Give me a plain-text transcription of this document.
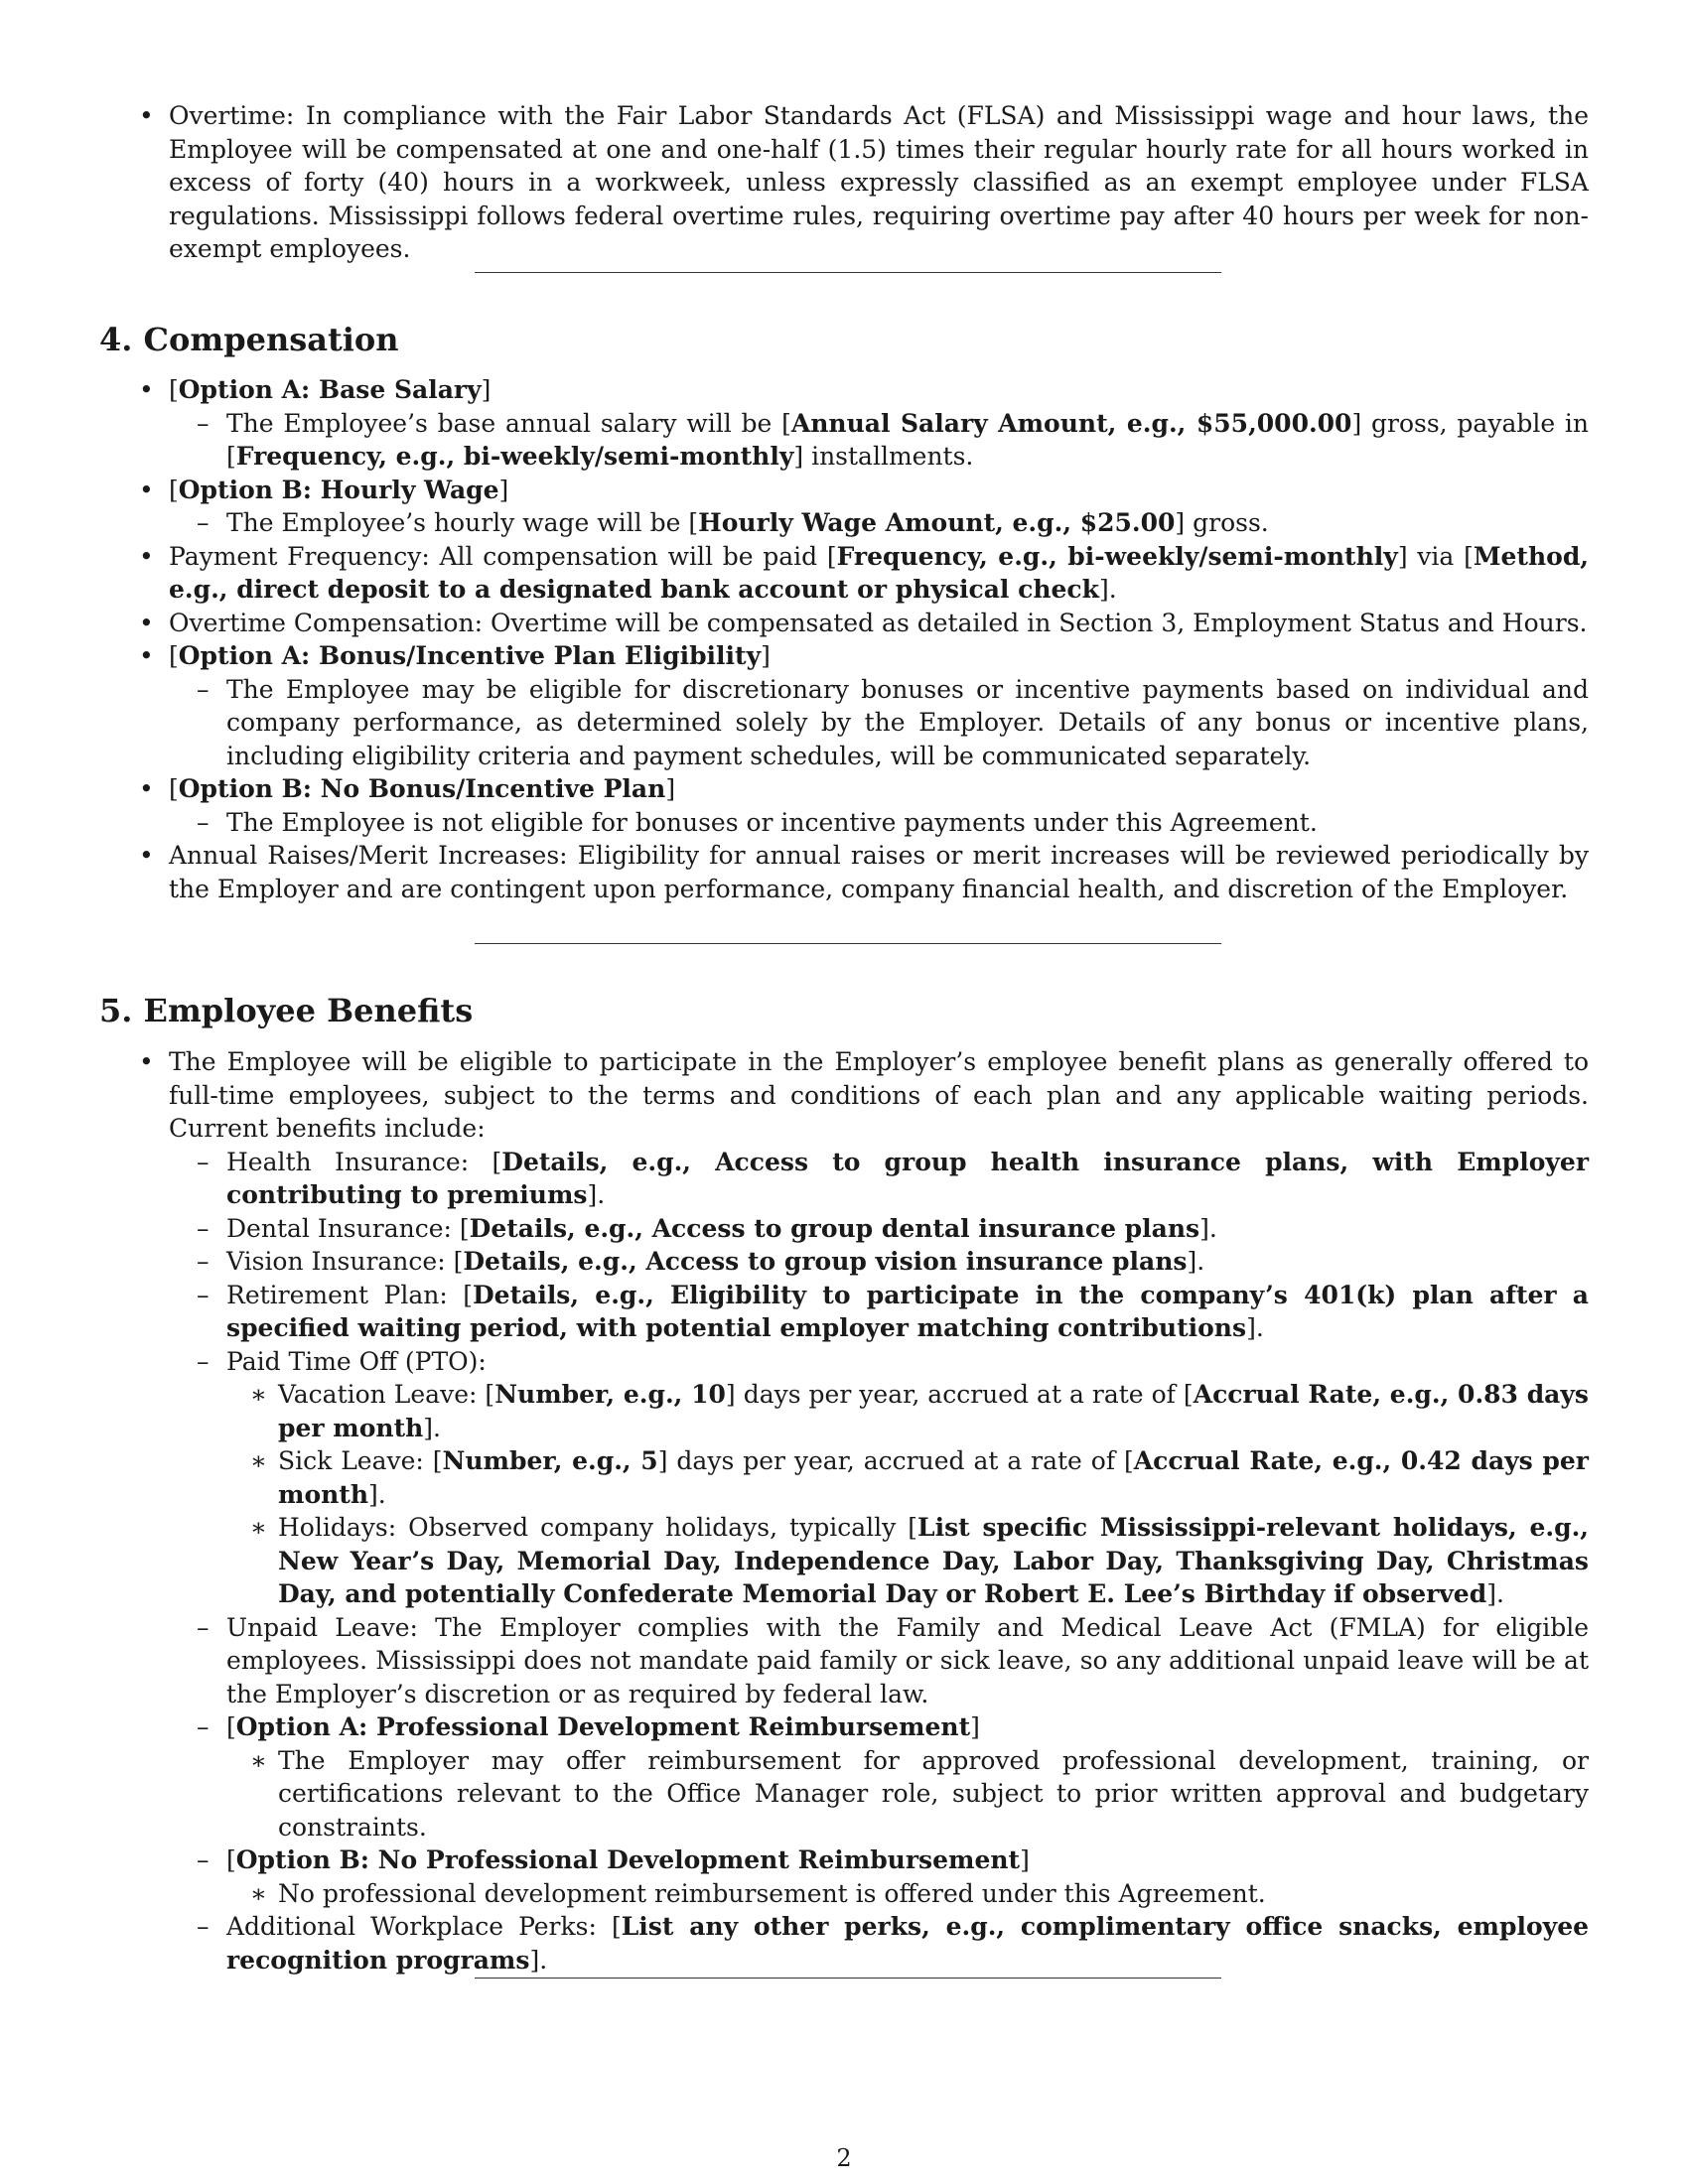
• Overtime: In compliance with the Fair Labor Standards Act (FLSA) and Mississippi wage and hour laws, the Employee will be compensated at one and one-half (1.5) times their regular hourly rate for all hours worked in excess of forty (40) hours in a workweek, unless expressly classified as an exempt employee under FLSA regulations. Mississippi follows federal overtime rules, requiring overtime pay after 40 hours per week for non-exempt employees.

4. Compensation

• [Option A: Base Salary]

– The Employee’s base annual salary will be [Annual Salary Amount, e.g., $55,000.00] gross, payable in [Frequency, e.g., bi-weekly/semi-monthly] installments.

• [Option B: Hourly Wage]

– The Employee’s hourly wage will be [Hourly Wage Amount, e.g., $25.00] gross.

• Payment Frequency: All compensation will be paid [Frequency, e.g., bi-weekly/semi-monthly] via [Method, e.g., direct deposit to a designated bank account or physical check].

• Overtime Compensation: Overtime will be compensated as detailed in Section 3, Employment Status and Hours.

• [Option A: Bonus/Incentive Plan Eligibility]

– The Employee may be eligible for discretionary bonuses or incentive payments based on individual and company performance, as determined solely by the Employer. Details of any bonus or incentive plans, including eligibility criteria and payment schedules, will be communicated separately.

• [Option B: No Bonus/Incentive Plan]

– The Employee is not eligible for bonuses or incentive payments under this Agreement.

• Annual Raises/Merit Increases: Eligibility for annual raises or merit increases will be reviewed periodically by the Employer and are contingent upon performance, company financial health, and discretion of the Employer.

5. Employee Benefits

• The Employee will be eligible to participate in the Employer’s employee benefit plans as generally offered to full-time employees, subject to the terms and conditions of each plan and any applicable waiting periods. Current benefits include:

– Health Insurance: [Details, e.g., Access to group health insurance plans, with Employer contributing to premiums].

– Dental Insurance: [Details, e.g., Access to group dental insurance plans].

– Vision Insurance: [Details, e.g., Access to group vision insurance plans].

– Retirement Plan: [Details, e.g., Eligibility to participate in the company’s 401(k) plan after a specified waiting period, with potential employer matching contributions].

– Paid Time Off (PTO):

∗ Vacation Leave: [Number, e.g., 10] days per year, accrued at a rate of [Accrual Rate, e.g., 0.83 days per month].

∗ Sick Leave: [Number, e.g., 5] days per year, accrued at a rate of [Accrual Rate, e.g., 0.42 days per month].

∗ Holidays: Observed company holidays, typically [List specific Mississippi-relevant holidays, e.g., New Year’s Day, Memorial Day, Independence Day, Labor Day, Thanksgiving Day, Christmas Day, and potentially Confederate Memorial Day or Robert E. Lee’s Birthday if observed].

– Unpaid Leave: The Employer complies with the Family and Medical Leave Act (FMLA) for eligible employees. Mississippi does not mandate paid family or sick leave, so any additional unpaid leave will be at the Employer’s discretion or as required by federal law.

– [Option A: Professional Development Reimbursement]

∗ The Employer may offer reimbursement for approved professional development, training, or certifications relevant to the Office Manager role, subject to prior written approval and budgetary constraints.

– [Option B: No Professional Development Reimbursement]

∗ No professional development reimbursement is offered under this Agreement.

– Additional Workplace Perks: [List any other perks, e.g., complimentary office snacks, employee recognition programs].

2
